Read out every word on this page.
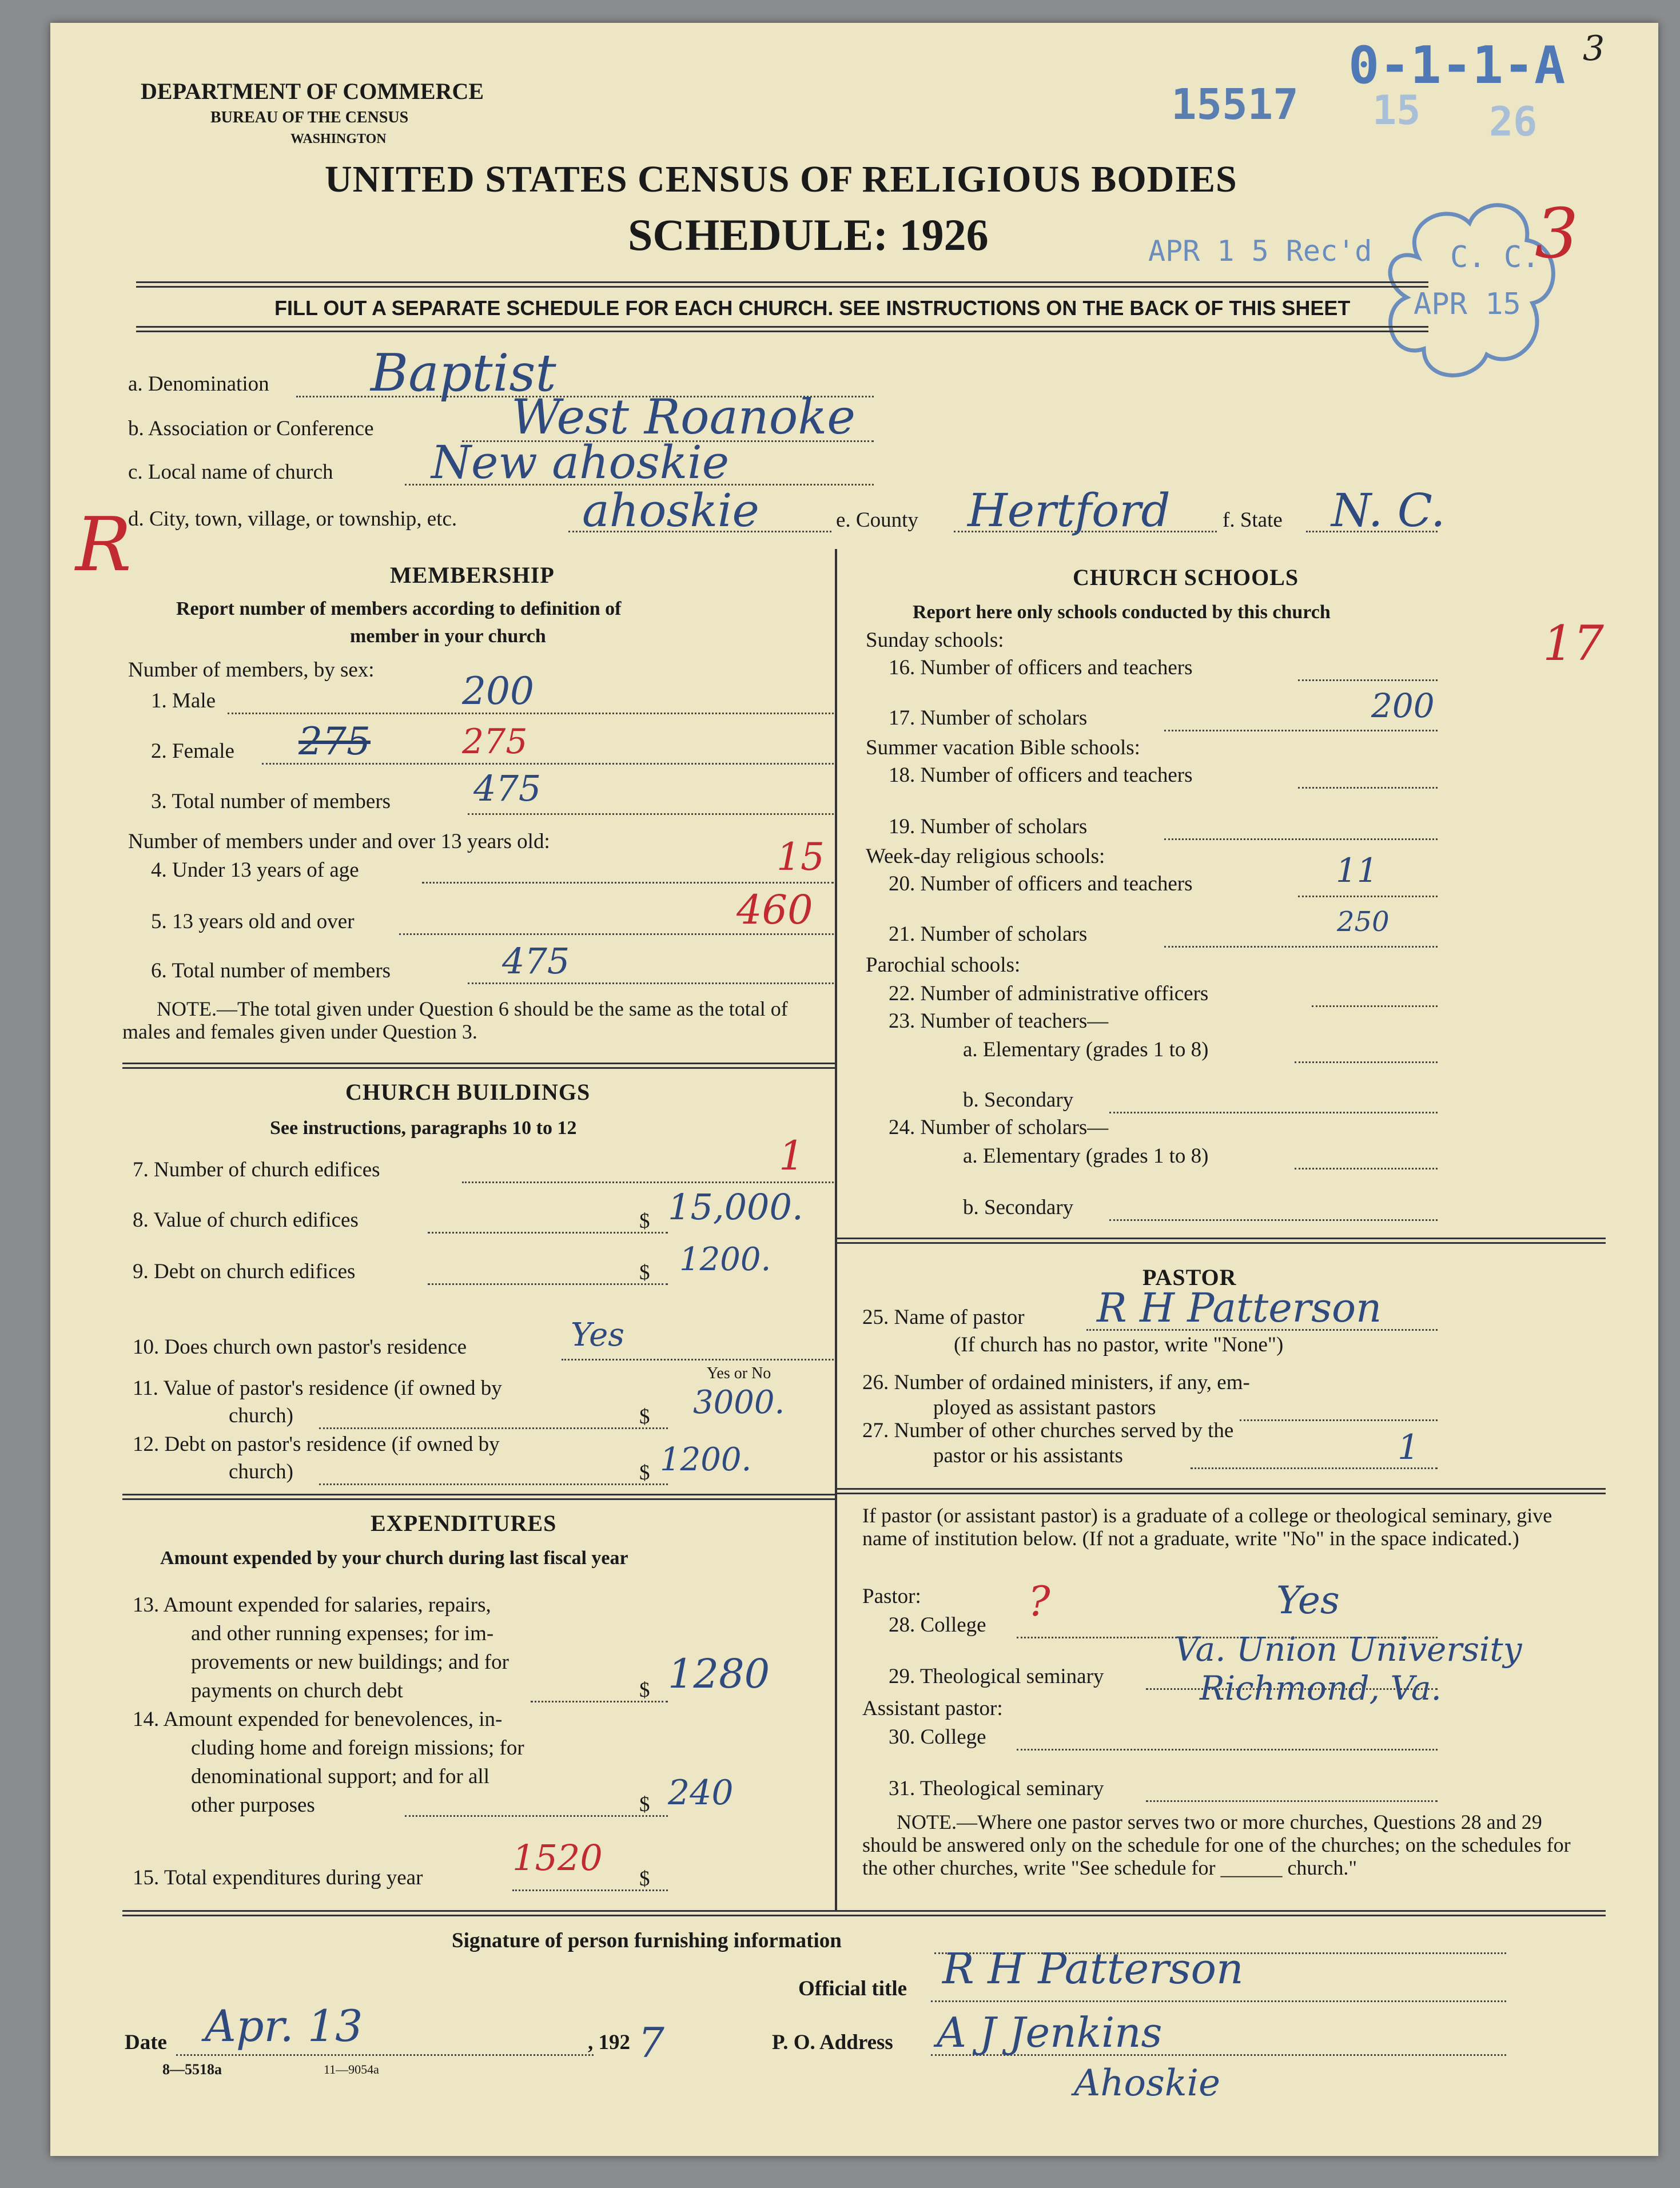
DEPARTMENT OF COMMERCE
BUREAU OF THE CENSUS
WASHINGTON
UNITED STATES CENSUS OF RELIGIOUS BODIES
SCHEDULE: 1926
0-1-1-A 3
15517 15 26
APR 1 5 Rec'd	C. C.
APR 15
3
FILL OUT A SEPARATE SCHEDULE FOR EACH CHURCH. SEE INSTRUCTIONS ON THE BACK OF THIS SHEET
a. Denomination Baptist
b. Association or Conference	West Roanoke
c. Local name of church New ahoskie
R
d. City, town, village, or township, etc.	ahoskie	e. County Hertford f. State N. C.
MEMBERSHIP
Report number of members according to definition of
member in your church
Number of members, by sex:
1. Male	200
2. Female 275	275
3. Total number of members 475
Number of members under and over 13 years old:
4. Under 13 years of age	15
5. 13 years old and over	460
6. Total number of members	475
NOTE.—The total given under Question 6 should be the same as the total of males and females given under Question 3.
CHURCH BUILDINGS
See instructions, paragraphs 10 to 12
7. Number of church edifices	1
8. Value of church edifices	$ 15,000.
9. Debt on church edifices	$ 1200.
10. Does church own pastor's residence	Yes
Yes or No
11. Value of pastor's residence (if owned by
church)	$ 3000.
12. Debt on pastor's residence (if owned by
church)	$ 1200.
EXPENDITURES
Amount expended by your church during last fiscal year
13. Amount expended for salaries, repairs,
and other running expenses; for im-
provements or new buildings; and for
payments on church debt	$ 1280
14. Amount expended for benevolences, in-
cluding home and foreign missions; for
denominational support; and for all
other purposes	$ 240
15. Total expenditures during year	1520
$
CHURCH SCHOOLS
Report here only schools conducted by this church
Sunday schools:
16. Number of officers and teachers	17
17. Number of scholars	200
Summer vacation Bible schools:
18. Number of officers and teachers
19. Number of scholars
Week-day religious schools:
20. Number of officers and teachers	11
21. Number of scholars	250
Parochial schools:
22. Number of administrative officers
23. Number of teachers—
a. Elementary (grades 1 to 8)
b. Secondary
24. Number of scholars—
a. Elementary (grades 1 to 8)
b. Secondary
PASTOR
25. Name of pastor R H Patterson
(If church has no pastor, write "None")
26. Number of ordained ministers, if any, em-
ployed as assistant pastors
27. Number of other churches served by the
pastor or his assistants	1
If pastor (or assistant pastor) is a graduate of a college or theological seminary, give name of institution below. (If not a graduate, write "No" in the space indicated.)
Pastor:
28. College ?	Yes
29. Theological seminary
Va. Union University
Richmond, Va.
Assistant pastor:
30. College
31. Theological seminary
NOTE.—Where one pastor serves two or more churches, Questions 28 and 29 should be answered only on the schedule for one of the churches; on the schedules for the other churches, write "See schedule for ______ church."
Signature of person furnishing information
Official title R H Patterson
Date Apr. 13	, 192 7	P. O. Address A J Jenkins
Ahoskie
8—5518a	11—9054a
